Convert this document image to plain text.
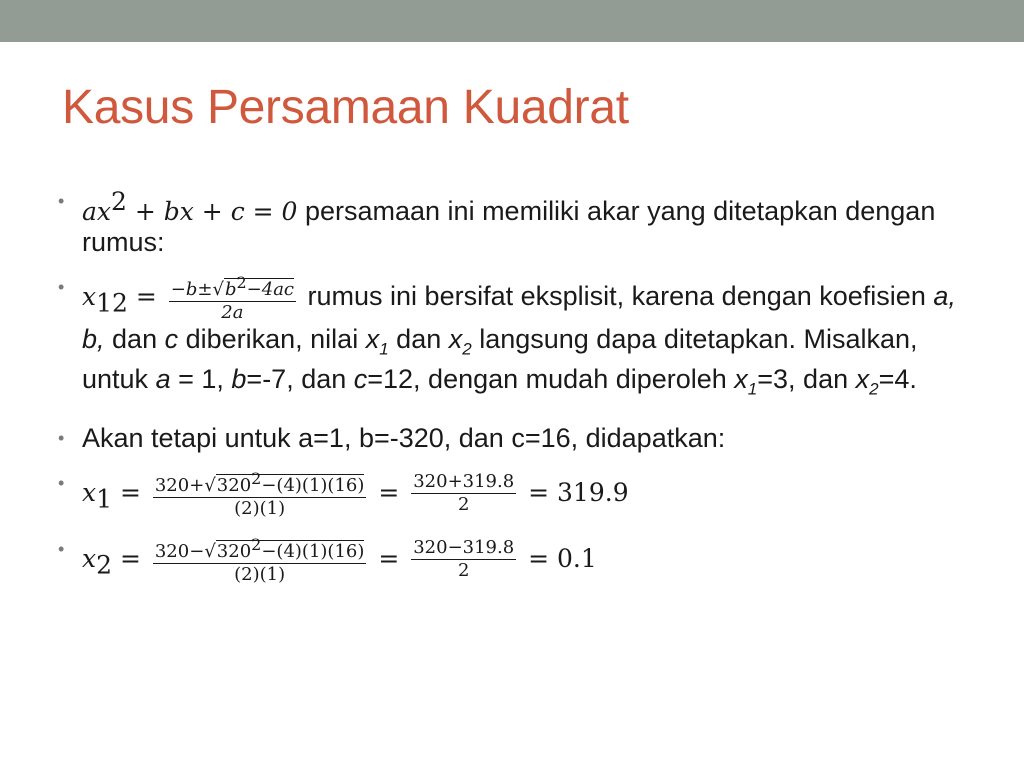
Kasus Persamaan Kuadrat
• $ax^2$ + bx + c = 0 persamaan ini memiliki akar yang ditetapkan dengan rumus:
• $x_{12} = \frac{-b\pm√b^2-4ac}{2a}$ rumus ini bersifat eksplisit, karena dengan koefisien a, b, dan c diberikan, nilai $x_1$ dan $x_2$ langsung dapa ditetapkan. Misalkan, untuk a = 1, b=-7, dan c=12, dengan mudah diperoleh $x_1=3$, dan $x_2=4$.
• Akan tetapi untuk a=1, b=-320, dan c=16, didapatkan:
• $x_1 = \frac{320+√320^2-(4)(1)(16)}{(2)(1)} = \frac{320+319.8}{2} = 319.9$
• $x_2 = \frac{320-√320^2-(4)(1)(16)}{(2)(1)} = \frac{320-319.8}{2} = 0.1$
